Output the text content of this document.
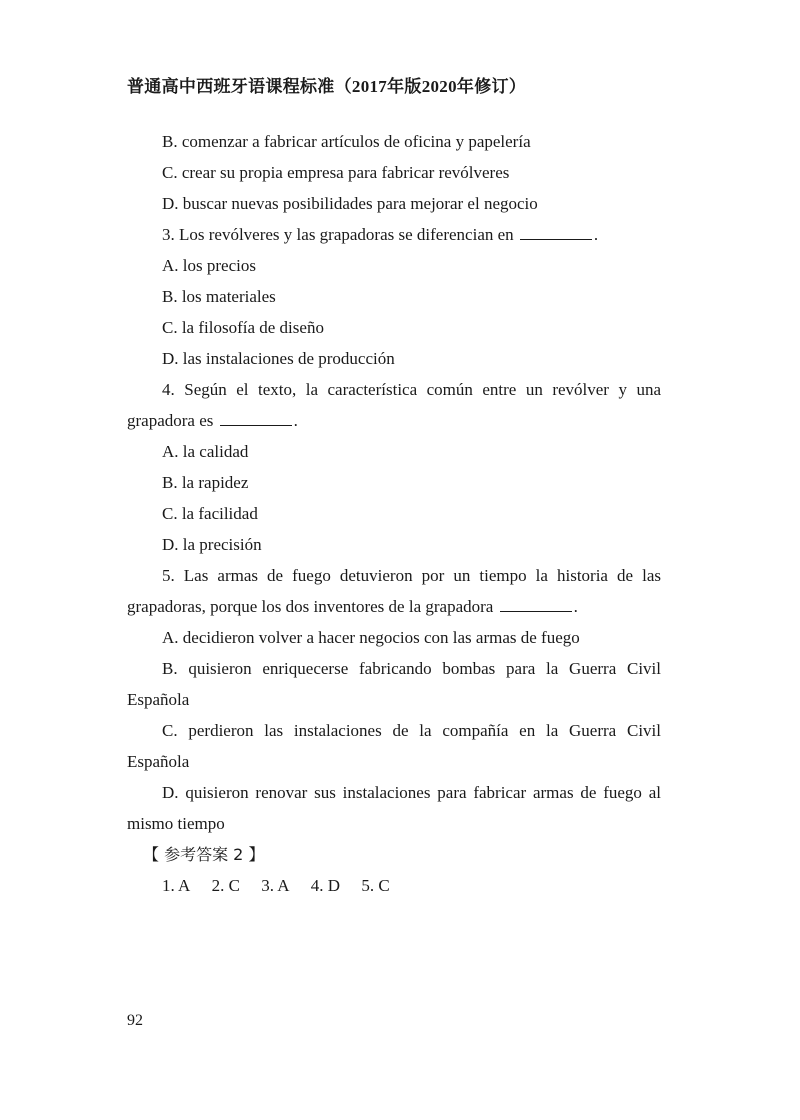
普通高中西班牙语课程标准（2017年版2020年修订）
B. comenzar a fabricar artículos de oficina y papelería
C. crear su propia empresa para fabricar revólveres
D. buscar nuevas posibilidades para mejorar el negocio
3. Los revólveres y las grapadoras se diferencian en	.
A. los precios
B. los materiales
C. la filosofía de diseño
D. las instalaciones de producción
4. Según el texto, la característica común entre un revólver y una grapadora es	.
A. la calidad
B. la rapidez
C. la facilidad
D. la precisión
5. Las armas de fuego detuvieron por un tiempo la historia de las grapadoras, porque los dos inventores de la grapadora	.
A. decidieron volver a hacer negocios con las armas de fuego
B. quisieron enriquecerse fabricando bombas para la Guerra Civil Española
C. perdieron las instalaciones de la compañía en la Guerra Civil Española
D. quisieron renovar sus instalaciones para fabricar armas de fuego al mismo tiempo
【 参考答案 2 】
1. A 2. C 3. A 4. D 5. C
92
